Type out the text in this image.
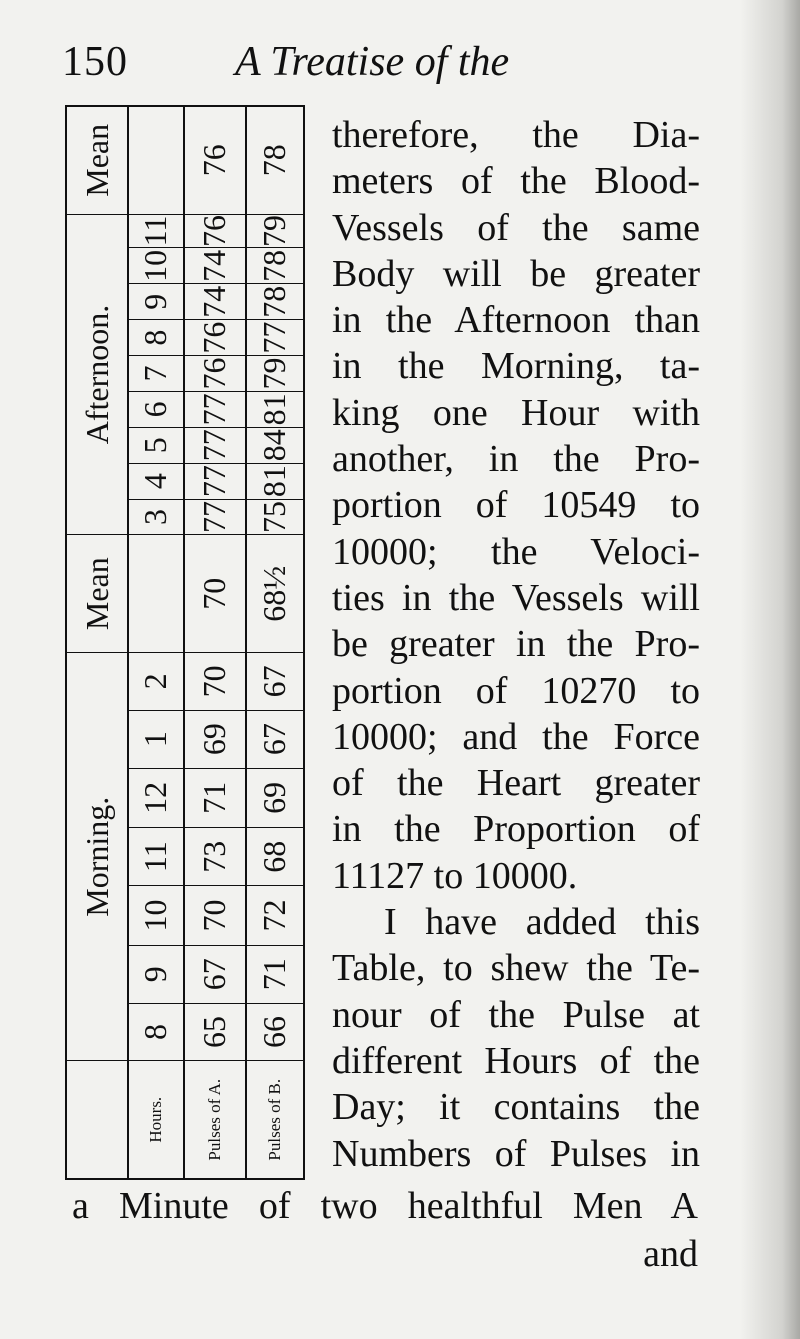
150	A Treatise of the
Morning.
Mean
Afternoon.
Mean
Hours.
8
9
10
11
12
1
2
3
4
5
6
7
8
9
10
11
Pulses of A.
65
67
70
73
71
69
70
70
77
77
77
77
76
76
74
74
76
76
Pulses of B.
66
71
72
68
69
67
67
68½
75
81
84
81
79
77
78
78
79
78
therefore, the Dia-
meters of the Blood-
Vessels of the same
Body will be greater
in the Afternoon than
in the Morning, ta-
king one Hour with
another, in the Pro-
portion of 10549 to
10000; the Veloci-
ties in the Vessels will
be greater in the Pro-
portion of 10270 to
10000; and the Force
of the Heart greater
in the Proportion of
11127 to 10000.
I have added this
Table, to shew the Te-
nour of the Pulse at
different Hours of the
Day; it contains the
Numbers of Pulses in
a Minute of two healthful Men A
and
